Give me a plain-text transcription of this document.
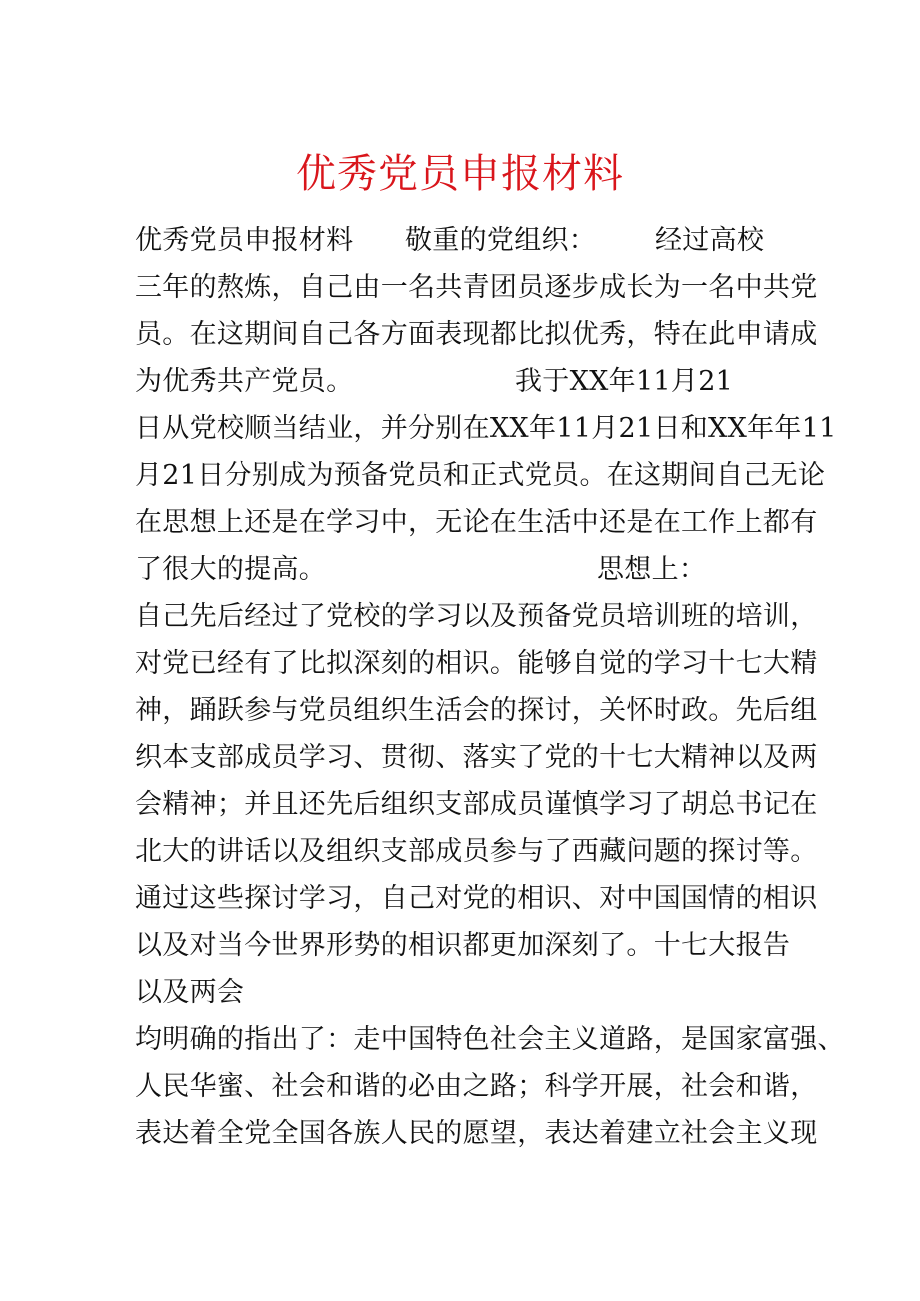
优秀党员申报材料
优秀党员申报材料 敬重的党组织： 经过高校
三年的熬炼，自己由一名共青团员逐步成长为一名中共党
员。在这期间自己各方面表现都比拟优秀，特在此申请成
为优秀共产党员。	我于XX年11月21
日从党校顺当结业，并分别在XX年11月21日和XX年年11
月21日分别成为预备党员和正式党员。在这期间自己无论
在思想上还是在学习中，无论在生活中还是在工作上都有
了很大的提高。	思想上：
自己先后经过了党校的学习以及预备党员培训班的培训，
对党已经有了比拟深刻的相识。能够自觉的学习十七大精
神，踊跃参与党员组织生活会的探讨，关怀时政。先后组
织本支部成员学习、贯彻、落实了党的十七大精神以及两
会精神；并且还先后组织支部成员谨慎学习了胡总书记在
北大的讲话以及组织支部成员参与了西藏问题的探讨等。
通过这些探讨学习，自己对党的相识、对中国国情的相识
以及对当今世界形势的相识都更加深刻了。十七大报告
以及两会
均明确的指出了：走中国特色社会主义道路，是国家富强、
人民华蜜、社会和谐的必由之路；科学开展，社会和谐，
表达着全党全国各族人民的愿望，表达着建立社会主义现
